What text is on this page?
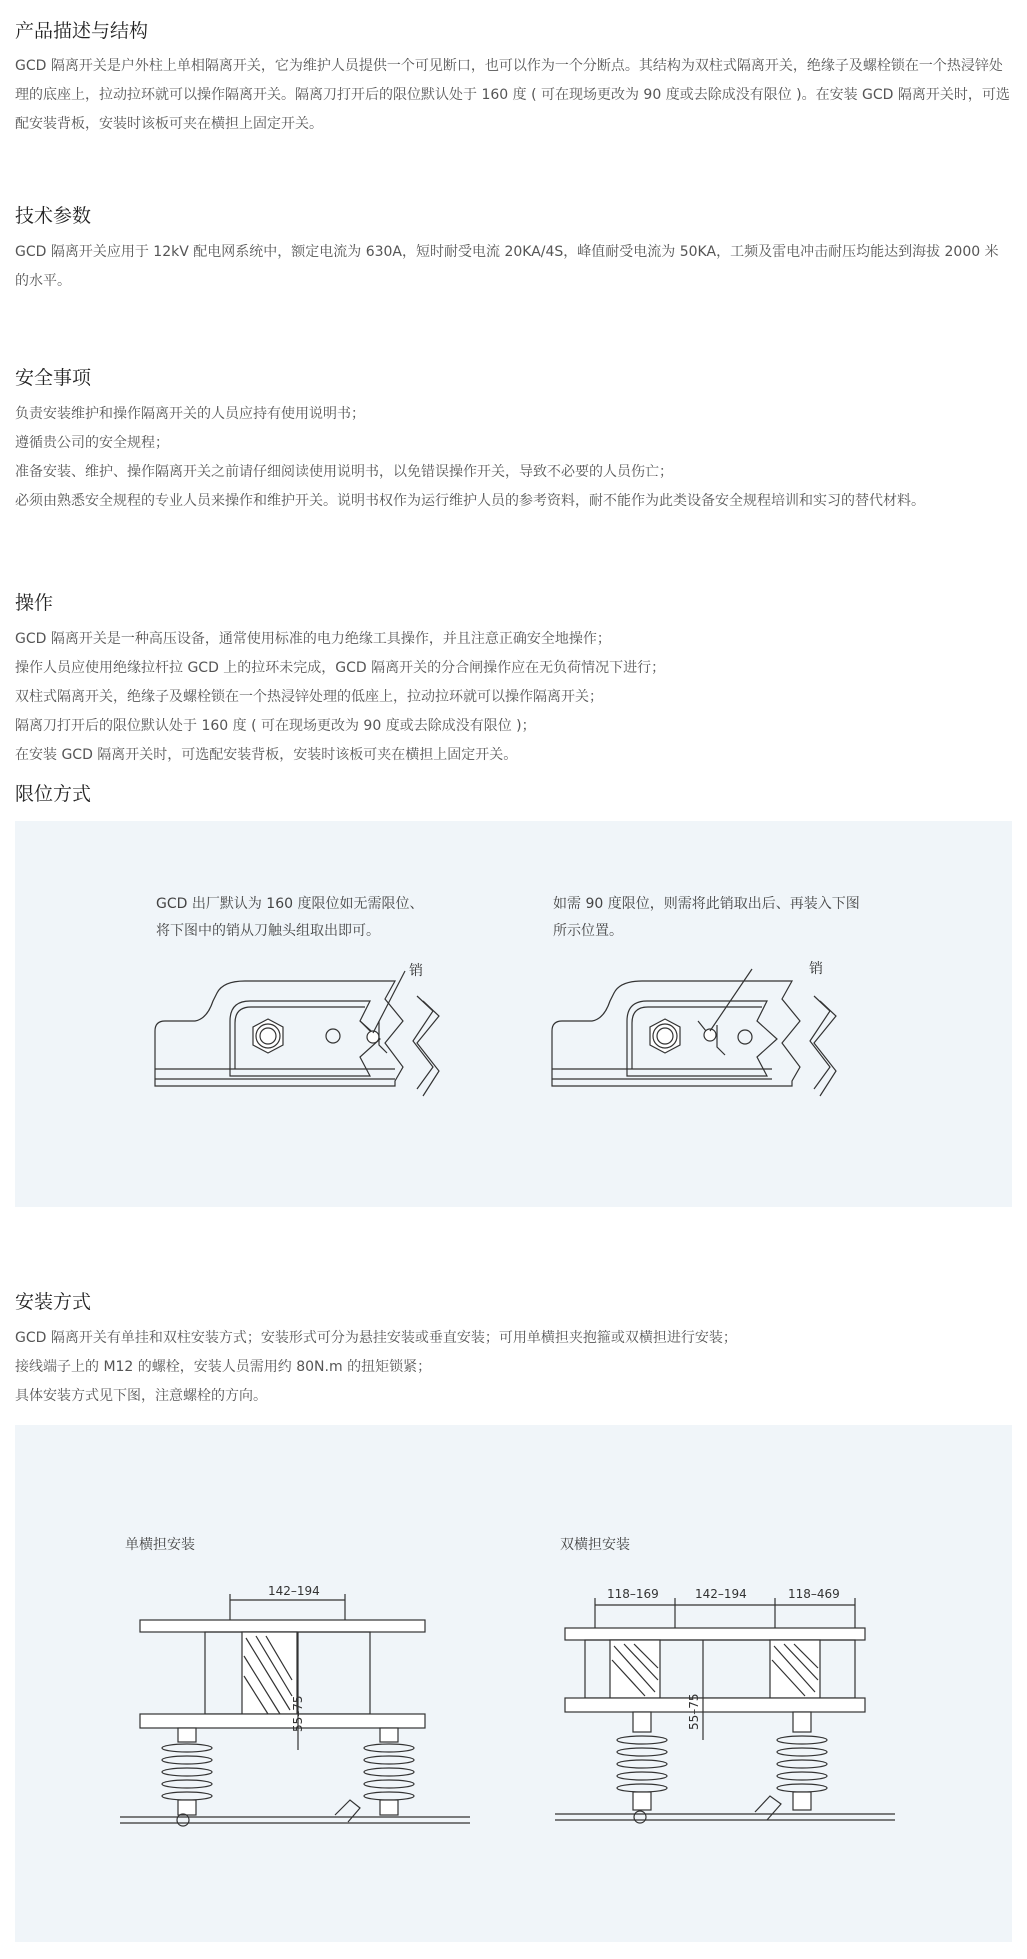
产品描述与结构

GCD 隔离开关是户外柱上单相隔离开关，它为维护人员提供一个可见断口，也可以作为一个分断点。其结构为双柱式隔离开关，绝缘子及螺栓锁在一个热浸锌处理的底座上，拉动拉环就可以操作隔离开关。隔离刀打开后的限位默认处于 160 度 ( 可在现场更改为 90 度或去除成没有限位 )。在安装 GCD 隔离开关时，可选配安装背板，安装时该板可夹在横担上固定开关。

技术参数

GCD 隔离开关应用于 12kV 配电网系统中，额定电流为 630A，短时耐受电流 20KA/4S，峰值耐受电流为 50KA，工频及雷电冲击耐压均能达到海拔 2000 米的水平。

安全事项
负责安装维护和操作隔离开关的人员应持有使用说明书；
遵循贵公司的安全规程；
准备安装、维护、操作隔离开关之前请仔细阅读使用说明书，以免错误操作开关，导致不必要的人员伤亡；
必须由熟悉安全规程的专业人员来操作和维护开关。说明书权作为运行维护人员的参考资料，耐不能作为此类设备安全规程培训和实习的替代材料。
操作
GCD 隔离开关是一种高压设备，通常使用标准的电力绝缘工具操作，并且注意正确安全地操作；
操作人员应使用绝缘拉杆拉 GCD 上的拉环未完成，GCD 隔离开关的分合闸操作应在无负荷情况下进行；
双柱式隔离开关，绝缘子及螺栓锁在一个热浸锌处理的低座上，拉动拉环就可以操作隔离开关；
隔离刀打开后的限位默认处于 160 度 ( 可在现场更改为 90 度或去除成没有限位 )；
在安装 GCD 隔离开关时，可选配安装背板，安装时该板可夹在横担上固定开关。
限位方式
GCD 出厂默认为 160 度限位如无需限位、
将下图中的销从刀触头组取出即可。
如需 90 度限位，则需将此销取出后、再装入下图
所示位置。
销	销
安装方式
GCD 隔离开关有单挂和双柱安装方式；安装形式可分为悬挂安装或垂直安装；可用单横担夹抱箍或双横担进行安装；
接线端子上的 M12 的螺栓，安装人员需用约 80N.m 的扭矩锁紧；
具体安装方式见下图，注意螺栓的方向。
单横担安装	双横担安装
142–194
55–75
118–169	142–194	118–469
55–75
